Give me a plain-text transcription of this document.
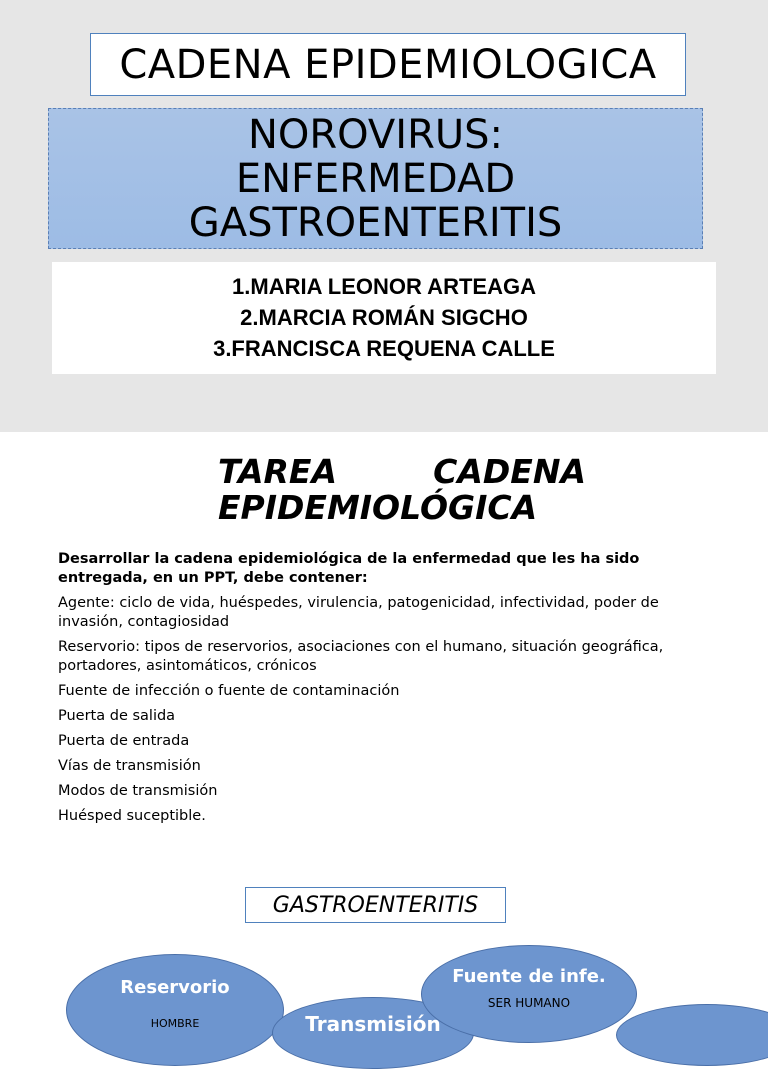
CADENA EPIDEMIOLOGICA
NOROVIRUS:
ENFERMEDAD
GASTROENTERITIS
1.MARIA LEONOR ARTEAGA
2.MARCIA ROMÁN SIGCHO
3.FRANCISCA REQUENA CALLE
TAREA	CADENA
EPIDEMIOLÓGICA
Desarrollar la cadena epidemiológica de la enfermedad que les ha sido entregada, en un PPT, debe contener:
Agente: ciclo de vida, huéspedes, virulencia, patogenicidad, infectividad, poder de invasión, contagiosidad
Reservorio: tipos de reservorios, asociaciones con el humano, situación geográfica, portadores, asintomáticos, crónicos
Fuente de infección o fuente de contaminación
Puerta de salida
Puerta de entrada
Vías de transmisión
Modos de transmisión
Huésped suceptible.
GASTROENTERITIS
Reservorio
HOMBRE	Transmisión
Fuente de infe.
SER HUMANO
